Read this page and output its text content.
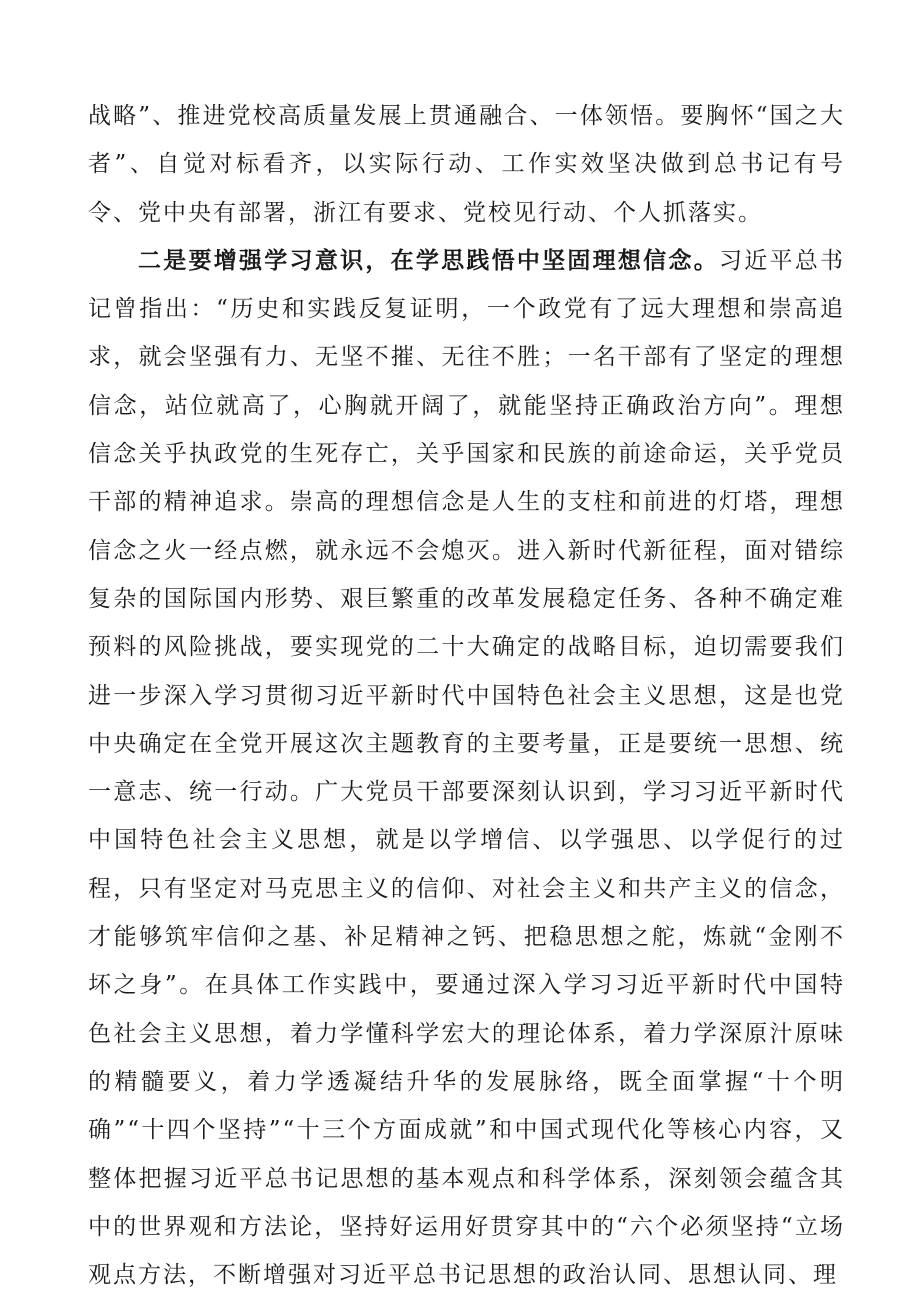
战略”、推进党校高质量发展上贯通融合、一体领悟。要胸怀“国之大者”、自觉对标看齐，以实际行动、工作实效坚决做到总书记有号令、党中央有部署，浙江有要求、党校见行动、个人抓落实。

二是要增强学习意识，在学思践悟中坚固理想信念。习近平总书记曾指出：“历史和实践反复证明，一个政党有了远大理想和崇高追求，就会坚强有力、无坚不摧、无往不胜；一名干部有了坚定的理想信念，站位就高了，心胸就开阔了，就能坚持正确政治方向”。理想信念关乎执政党的生死存亡，关乎国家和民族的前途命运，关乎党员干部的精神追求。崇高的理想信念是人生的支柱和前进的灯塔，理想信念之火一经点燃，就永远不会熄灭。进入新时代新征程，面对错综复杂的国际国内形势、艰巨繁重的改革发展稳定任务、各种不确定难预料的风险挑战，要实现党的二十大确定的战略目标，迫切需要我们进一步深入学习贯彻习近平新时代中国特色社会主义思想，这是也党中央确定在全党开展这次主题教育的主要考量，正是要统一思想、统一意志、统一行动。广大党员干部要深刻认识到，学习习近平新时代中国特色社会主义思想，就是以学增信、以学强思、以学促行的过程，只有坚定对马克思主义的信仰、对社会主义和共产主义的信念，才能够筑牢信仰之基、补足精神之钙、把稳思想之舵，炼就“金刚不坏之身”。在具体工作实践中，要通过深入学习习近平新时代中国特色社会主义思想，着力学懂科学宏大的理论体系，着力学深原汁原味的精髓要义，着力学透凝结升华的发展脉络，既全面掌握“十个明确”“十四个坚持”“十三个方面成就”和中国式现代化等核心内容，又整体把握习近平总书记思想的基本观点和科学体系，深刻领会蕴含其中的世界观和方法论，坚持好运用好贯穿其中的“六个必须坚持“立场观点方法，不断增强对习近平总书记思想的政治认同、思想认同、理
